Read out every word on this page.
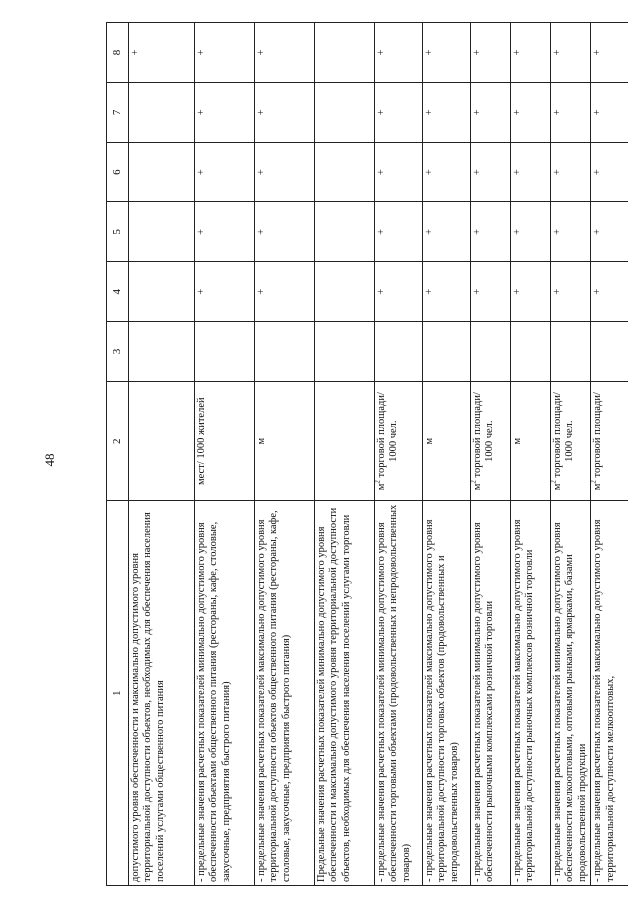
48
1	2	3	4	5	6	7	8
допустимого уровня обеспеченности и максимально допустимого уровня территориальной доступности объектов, необходимых для обеспечения населения поселений услугами общественного питания							+
- предельные значения расчетных показателей минимально допустимого уровня обеспеченности объектами общественного питания (рестораны, кафе, столовые, закусочные, предприятия быстрого питания)	мест/ 1000 жителей		+	+	+	+	+
- предельные значения расчетных показателей максимально допустимого уровня территориальной доступности объектов общественного питания (рестораны, кафе, столовые, закусочные, предприятия быстрого питания)	м		+	+	+	+	+
Предельные значения расчетных показателей минимально допустимого уровня обеспеченности и максимально допустимого уровня территориальной доступности объектов, необходимых для обеспечения населения поселений услугами торговли							
- предельные значения расчетных показателей минимально допустимого уровня обеспеченности торговыми объектами (продовольственных и непродовольственных товаров)	$м^2$ торговой площади/ 1000 чел.		+	+	+	+	+
- предельные значения расчетных показателей максимально допустимого уровня территориальной доступности торговых объектов (продовольственных и непродовольственных товаров)	м		+	+	+	+	+
- предельные значения расчетных показателей минимально допустимого уровня обеспеченности рыночными комплексами розничной торговли	$м^2$ торговой площади/ 1000 чел.		+	+	+	+	+
- предельные значения расчетных показателей максимально допустимого уровня территориальной доступности рыночных комплексов розничной торговли	м		+	+	+	+	+
- предельные значения расчетных показателей минимально допустимого уровня обеспеченности мелкооптовыми, оптовыми рынками, ярмарками, базами продовольственной продукции	$м^2$ торговой площади/ 1000 чел.		+	+	+	+	+
- предельные значения расчетных показателей максимально допустимого уровня территориальной доступности мелкооптовых,	$м^2$ торговой площади/		+	+	+	+	+
